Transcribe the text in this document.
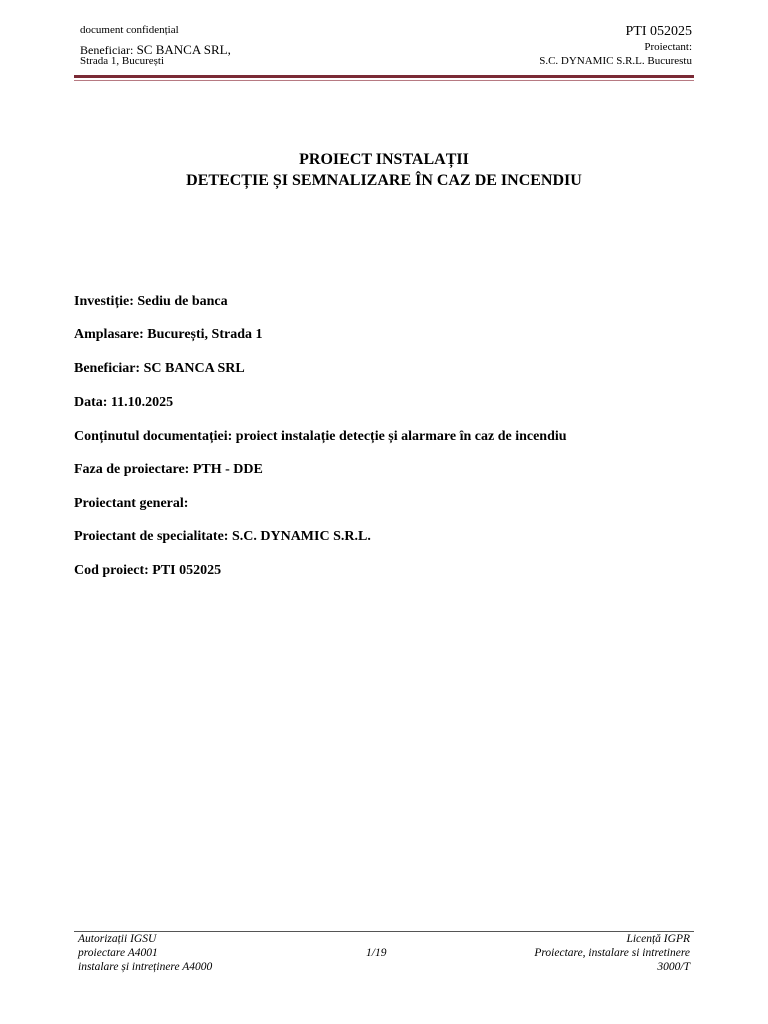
document confidențial
Beneficiar: SC BANCA SRL,
Strada 1, București
PTI 052025
Proiectant:
S.C. DYNAMIC S.R.L. Bucurestu
PROIECT INSTALAȚII
DETECȚIE ȘI SEMNALIZARE ÎN CAZ DE INCENDIU
Investiție: Sediu de banca
Amplasare: București, Strada 1
Beneficiar: SC BANCA SRL
Data: 11.10.2025
Conținutul documentației: proiect instalație detecție și alarmare în caz de incendiu
Faza de proiectare: PTH - DDE
Proiectant general:
Proiectant de specialitate: S.C. DYNAMIC S.R.L.
Cod proiect: PTI 052025
Autorizații IGSU
proiectare A4001
instalare și intreținere A4000
1/19
Licență IGPR
Proiectare, instalare si intretinere
3000/T
